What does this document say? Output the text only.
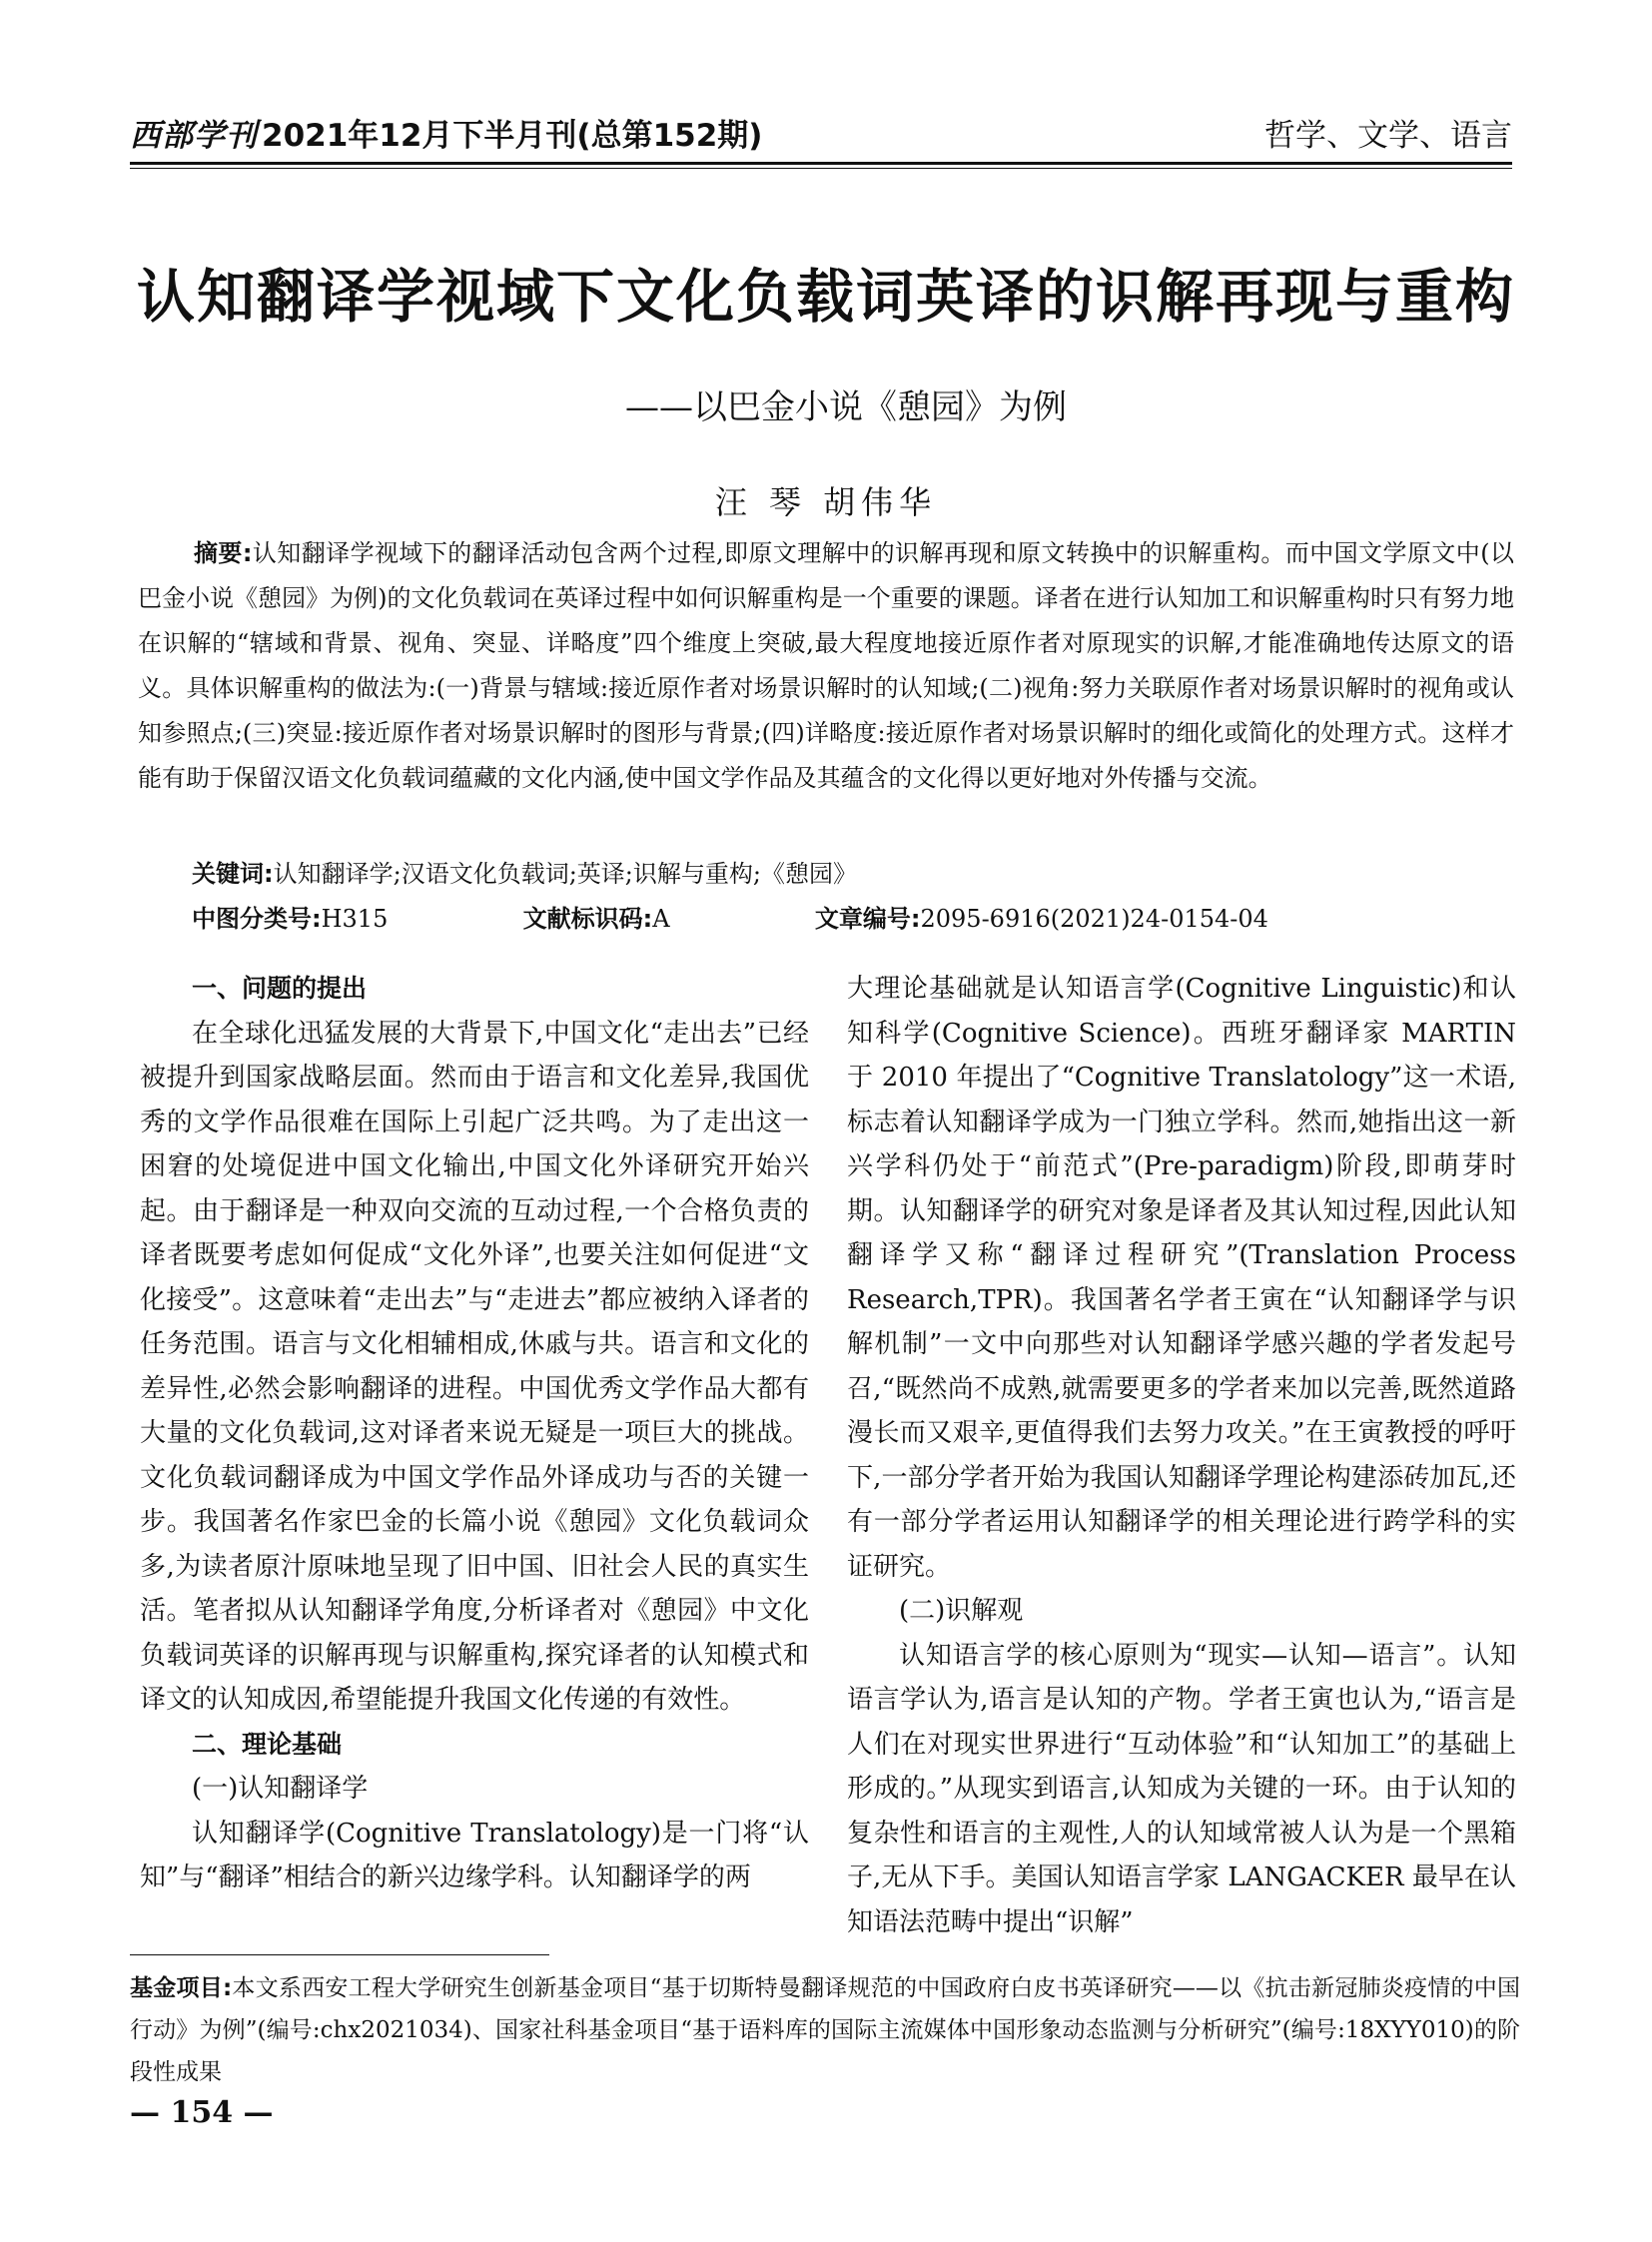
西部学刊 2021年12月下半月刊(总第152期)	哲学、文学、语言
认知翻译学视域下文化负载词英译的识解再现与重构
——以巴金小说《憩园》为例
汪 琴 胡伟华
摘要:认知翻译学视域下的翻译活动包含两个过程,即原文理解中的识解再现和原文转换中的识解重构。而中国文学原文中(以巴金小说《憩园》为例)的文化负载词在英译过程中如何识解重构是一个重要的课题。译者在进行认知加工和识解重构时只有努力地在识解的“辖域和背景、视角、突显、详略度”四个维度上突破,最大程度地接近原作者对原现实的识解,才能准确地传达原文的语义。具体识解重构的做法为:(一)背景与辖域:接近原作者对场景识解时的认知域;(二)视角:努力关联原作者对场景识解时的视角或认知参照点;(三)突显:接近原作者对场景识解时的图形与背景;(四)详略度:接近原作者对场景识解时的细化或简化的处理方式。这样才能有助于保留汉语文化负载词蕴藏的文化内涵,使中国文学作品及其蕴含的文化得以更好地对外传播与交流。
关键词:认知翻译学;汉语文化负载词;英译;识解与重构;《憩园》
中图分类号:H315	文献标识码:A	文章编号:2095-6916(2021)24-0154-04
一、问题的提出

在全球化迅猛发展的大背景下,中国文化“走出去”已经被提升到国家战略层面。然而由于语言和文化差异,我国优秀的文学作品很难在国际上引起广泛共鸣。为了走出这一困窘的处境促进中国文化输出,中国文化外译研究开始兴起。由于翻译是一种双向交流的互动过程,一个合格负责的译者既要考虑如何促成“文化外译”,也要关注如何促进“文化接受”。这意味着“走出去”与“走进去”都应被纳入译者的任务范围。语言与文化相辅相成,休戚与共。语言和文化的差异性,必然会影响翻译的进程。中国优秀文学作品大都有大量的文化负载词,这对译者来说无疑是一项巨大的挑战。文化负载词翻译成为中国文学作品外译成功与否的关键一步。我国著名作家巴金的长篇小说《憩园》文化负载词众多,为读者原汁原味地呈现了旧中国、旧社会人民的真实生活。笔者拟从认知翻译学角度,分析译者对《憩园》中文化负载词英译的识解再现与识解重构,探究译者的认知模式和译文的认知成因,希望能提升我国文化传递的有效性。

二、理论基础
(一)认知翻译学

认知翻译学(Cognitive Translatology)是一门将“认知”与“翻译”相结合的新兴边缘学科。认知翻译学的两

大理论基础就是认知语言学(Cognitive Linguistic)和认知科学(Cognitive Science)。西班牙翻译家 MARTIN 于 2010 年提出了“Cognitive Translatology”这一术语,标志着认知翻译学成为一门独立学科。然而,她指出这一新兴学科仍处于“前范式”(Pre-paradigm)阶段,即萌芽时期。认知翻译学的研究对象是译者及其认知过程,因此认知翻译学又称“翻译过程研究”(Translation Process Research,TPR)。我国著名学者王寅在“认知翻译学与识解机制”一文中向那些对认知翻译学感兴趣的学者发起号召,“既然尚不成熟,就需要更多的学者来加以完善,既然道路漫长而又艰辛,更值得我们去努力攻关。”在王寅教授的呼吁下,一部分学者开始为我国认知翻译学理论构建添砖加瓦,还有一部分学者运用认知翻译学的相关理论进行跨学科的实证研究。

(二)识解观

认知语言学的核心原则为“现实—认知—语言”。认知语言学认为,语言是认知的产物。学者王寅也认为,“语言是人们在对现实世界进行“互动体验”和“认知加工”的基础上形成的。”从现实到语言,认知成为关键的一环。由于认知的复杂性和语言的主观性,人的认知域常被人认为是一个黑箱子,无从下手。美国认知语言学家 LANGACKER 最早在认知语法范畴中提出“识解”

基金项目:本文系西安工程大学研究生创新基金项目“基于切斯特曼翻译规范的中国政府白皮书英译研究——以《抗击新冠肺炎疫情的中国行动》为例”(编号:chx2021034)、国家社科基金项目“基于语料库的国际主流媒体中国形象动态监测与分析研究”(编号:18XYY010)的阶段性成果
— 154 —
